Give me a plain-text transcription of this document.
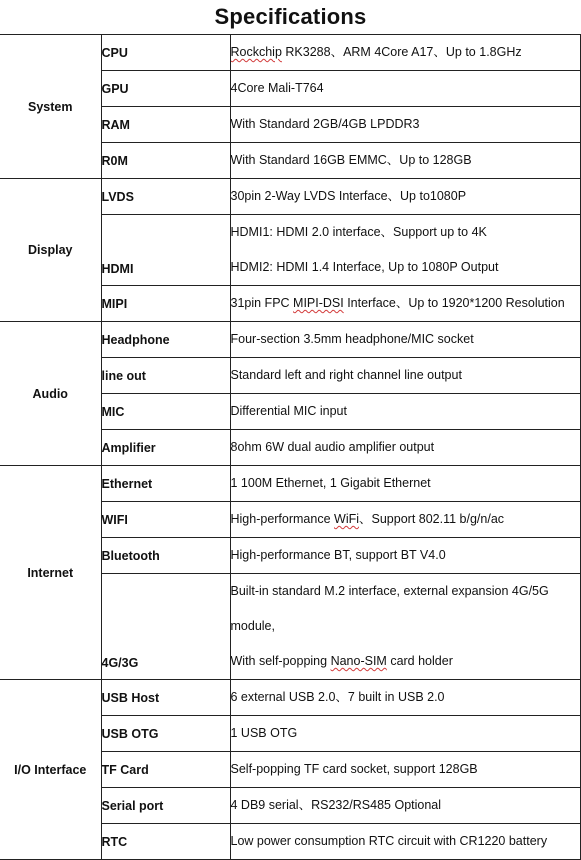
Specifications
System	CPU	Rockchip RK3288、ARM 4Core A17、Up to 1.8GHz

	GPU	4Core Mali-T764

	RAM	With Standard 2GB/4GB LPDDR3

	R0M	With Standard 16GB EMMC、Up to 128GB

Display	LVDS	30pin 2-Way LVDS Interface、Up to1080P

	HDMI	HDMI1: HDMI 2.0 interface、Support up to 4K
HDMI2: HDMI 1.4 Interface, Up to 1080P Output

	MIPI	31pin FPC MIPI-DSI Interface、Up to 1920*1200 Resolution

Audio	Headphone	Four-section 3.5mm headphone/MIC socket

	line out	Standard left and right channel line output

	MIC	Differential MIC input

	Amplifier	8ohm 6W dual audio amplifier output

Internet	Ethernet	1 100M Ethernet, 1 Gigabit Ethernet

	WIFI	High-performance WiFi、Support 802.11 b/g/n/ac

	Bluetooth	High-performance BT, support BT V4.0

	4G/3G	Built-in standard M.2 interface, external expansion 4G/5G
module,
With self-popping Nano-SIM card holder

I/O Interface	USB Host	6 external USB 2.0、7 built in USB 2.0

	USB OTG	1 USB OTG

	TF Card	Self-popping TF card socket, support 128GB

	Serial port	4 DB9 serial、RS232/RS485 Optional

	RTC	Low power consumption RTC circuit with CR1220 battery
